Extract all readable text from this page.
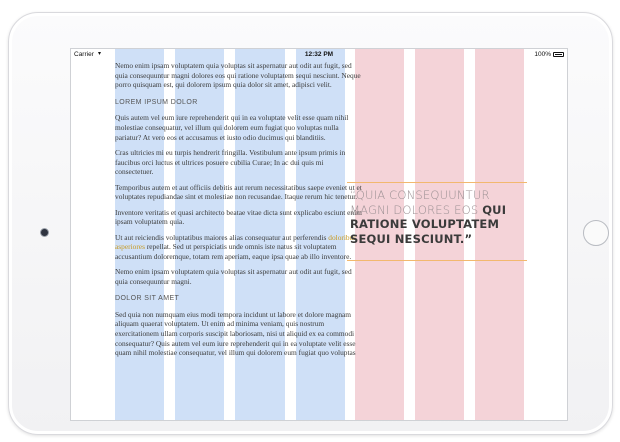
Carrier ▾	12:32 PM	100%

Nemo enim ipsam voluptatem quia voluptas sit aspernatur aut odit aut fugit, sed quia consequuntur magni dolores eos qui ratione voluptatem sequi nesciunt. Neque porro quisquam est, qui dolorem ipsum quia dolor sit amet, adipisci velit.

LOREM IPSUM DOLOR

Quis autem vel eum iure reprehenderit qui in ea voluptate velit esse quam nihil molestiae consequatur, vel illum qui dolorem eum fugiat quo voluptas nulla pariatur? At vero eos et accusamus et iusto odio ducimus qui blanditiis.

Cras ultricies mi eu turpis hendrerit fringilla. Vestibulum ante ipsum primis in faucibus orci luctus et ultrices posuere cubilia Curae; In ac dui quis mi consectetuer.

Temporibus autem et aut officiis debitis aut rerum necessitatibus saepe eveniet ut et voluptates repudiandae sint et molestiae non recusandae. Itaque rerum hic tenetur.

Inventore veritatis et quasi architecto beatae vitae dicta sunt explicabo esciunt enim ipsam voluptatem quia.

Ut aut reiciendis voluptatibus maiores alias consequatur aut perferendis doloribus asperiores repellat. Sed ut perspiciatis unde omnis iste natus sit voluptatem accusantium doloremque, totam rem aperiam, eaque ipsa quae ab illo inventore.

Nemo enim ipsam voluptatem quia voluptas sit aspernatur aut odit aut fugit, sed quia consequuntur magni.

DOLOR SIT AMET

Sed quia non numquam eius modi tempora incidunt ut labore et dolore magnam aliquam quaerat voluptatem. Ut enim ad minima veniam, quis nostrum exercitationem ullam corporis suscipit laboriosam, nisi ut aliquid ex ea commodi consequatur? Quis autem vel eum iure reprehenderit qui in ea voluptate velit esse quam nihil molestiae consequatur, vel illum qui dolorem eum fugiat quo voluptas

“QUIA CONSEQUUNTUR MAGNI DOLORES EOS QUI RATIONE VOLUPTATEM SEQUI NESCIUNT.”
